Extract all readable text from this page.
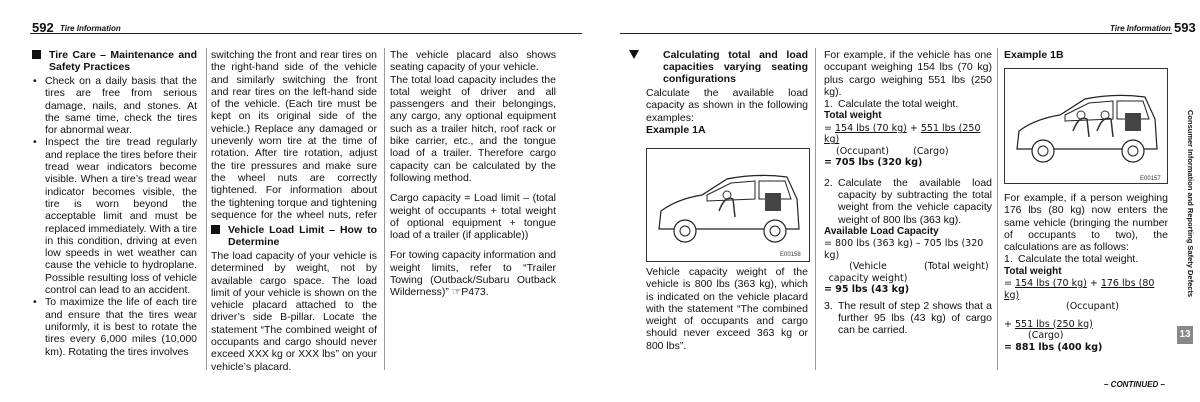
592 Tire Information	Tire Information 593
Tire Care – Maintenance and Safety Practices
• Check on a daily basis that the tires are free from serious damage, nails, and stones. At the same time, check the tires for abnormal wear.
• Inspect the tire tread regularly and replace the tires before their tread wear indicators become visible. When a tire’s tread wear indicator becomes visible, the tire is worn beyond the acceptable limit and must be replaced immediately. With a tire in this condition, driving at even low speeds in wet weather can cause the vehicle to hydroplane. Possible resulting loss of vehicle control can lead to an accident.
• To maximize the life of each tire and ensure that the tires wear uniformly, it is best to rotate the tires every 6,000 miles (10,000 km). Rotating the tires involves
switching the front and rear tires on the right-hand side of the vehicle and similarly switching the front and rear tires on the left-hand side of the vehicle. (Each tire must be kept on its original side of the vehicle.) Replace any damaged or unevenly worn tire at the time of rotation. After tire rotation, adjust the tire pressures and make sure the wheel nuts are correctly tightened. For information about the tightening torque and tightening sequence for the wheel nuts, refer
Vehicle Load Limit – How to Determine

The load capacity of your vehicle is determined by weight, not by available cargo space. The load limit of your vehicle is shown on the vehicle placard attached to the driver’s side B-pillar. Locate the statement “The combined weight of occupants and cargo should never exceed XXX kg or XXX lbs” on your vehicle’s placard.

The vehicle placard also shows seating capacity of your vehicle.

The total load capacity includes the total weight of driver and all passengers and their belongings, any cargo, any optional equipment such as a trailer hitch, roof rack or bike carrier, etc., and the tongue load of a trailer. Therefore cargo capacity can be calculated by the following method.

Cargo capacity = Load limit – (total weight of occupants + total weight of optional equipment + tongue load of a trailer (if applicable))

For towing capacity information and weight limits, refer to “Trailer Towing (Outback/Subaru Outback Wilderness)” ☞P473.

Calculating total and load capacities varying seating configurations

Calculate the available load capacity as shown in the following examples:

Example 1A

E00158

Vehicle capacity weight of the vehicle is 800 lbs (363 kg), which is indicated on the vehicle placard with the statement “The combined weight of occupants and cargo should never exceed 363 kg or 800 lbs”.

For example, if the vehicle has one occupant weighing 154 lbs (70 kg) plus cargo weighing 551 lbs (250 kg).

1. Calculate the total weight.

Total weight

= 154 lbs (70 kg) + 551 lbs (250 kg)
(Occupant)	(Cargo)
= 705 lbs (320 kg)
2. Calculate the available load capacity by subtracting the total weight from the vehicle capacity weight of 800 lbs (363 kg).

Available Load Capacity

= 800 lbs (363 kg) – 705 lbs (320 kg)
(Vehicle capacity weight)
(Total weight)
= 95 lbs (43 kg)
3. The result of step 2 shows that a further 95 lbs (43 kg) of cargo can be carried.

Example 1B

E00157

For example, if a person weighing 176 lbs (80 kg) now enters the same vehicle (bringing the number of occupants to two), the calculations are as follows:

1. Calculate the total weight.

Total weight

= 154 lbs (70 kg) + 176 lbs (80 kg)
(Occupant)
+ 551 lbs (250 kg)
(Cargo)
= 881 lbs (400 kg)
Consumer Information and Reporting Safety Defects
13
– CONTINUED –
